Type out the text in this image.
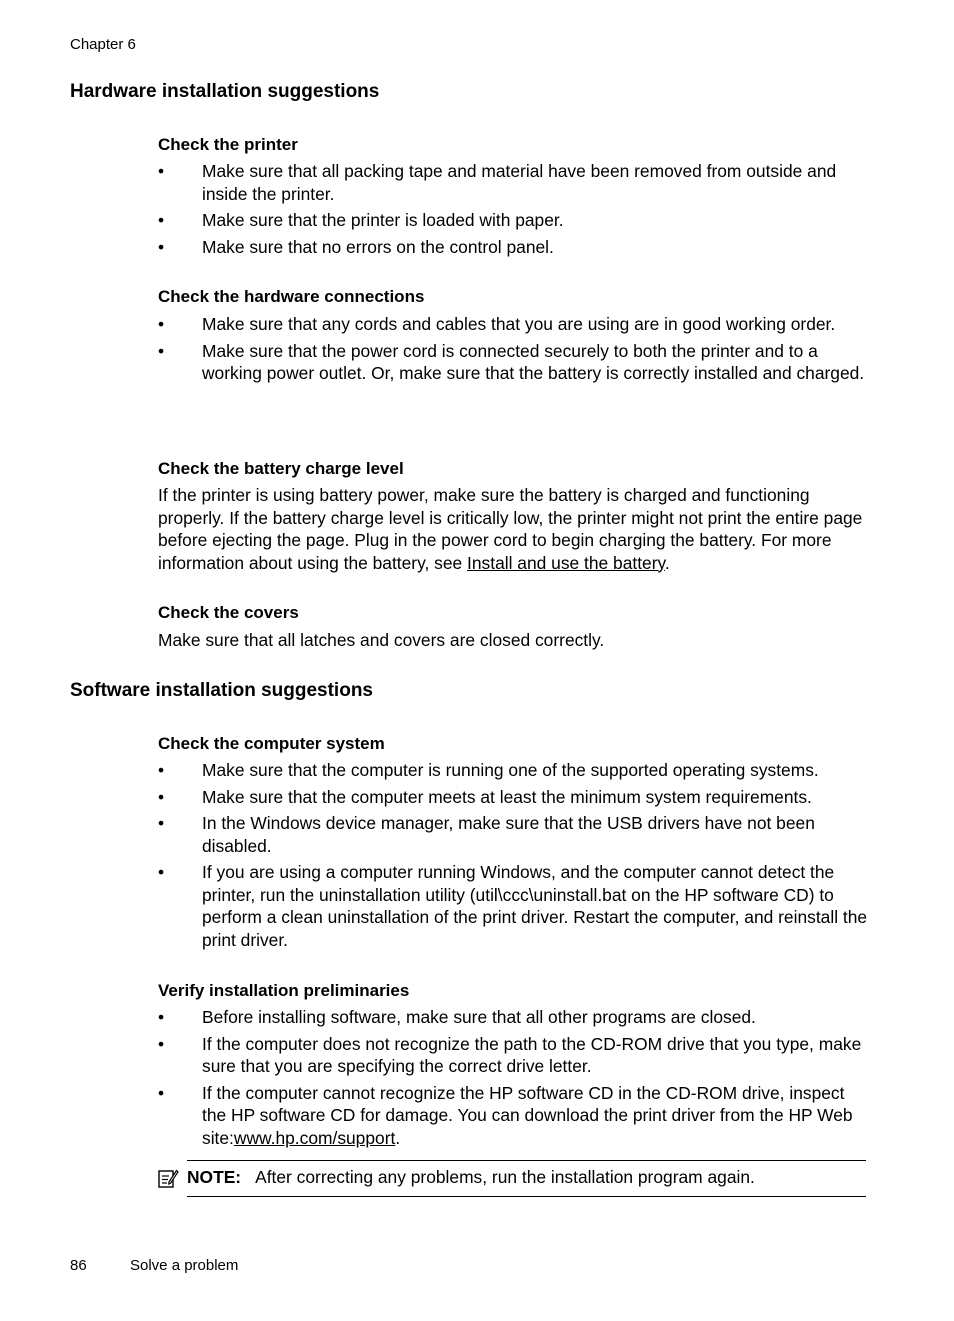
Chapter 6
Hardware installation suggestions
Check the printer
• Make sure that all packing tape and material have been removed from outside and inside the printer.
• Make sure that the printer is loaded with paper.
• Make sure that no errors on the control panel.
Check the hardware connections
• Make sure that any cords and cables that you are using are in good working order.
• Make sure that the power cord is connected securely to both the printer and to a working power outlet. Or, make sure that the battery is correctly installed and charged.
Check the battery charge level
If the printer is using battery power, make sure the battery is charged and functioning properly. If the battery charge level is critically low, the printer might not print the entire page before ejecting the page. Plug in the power cord to begin charging the battery. For more information about using the battery, see Install and use the battery.
Check the covers
Make sure that all latches and covers are closed correctly.
Software installation suggestions
Check the computer system
• Make sure that the computer is running one of the supported operating systems.
• Make sure that the computer meets at least the minimum system requirements.
• In the Windows device manager, make sure that the USB drivers have not been disabled.
• If you are using a computer running Windows, and the computer cannot detect the printer, run the uninstallation utility (util\ccc\uninstall.bat on the HP software CD) to perform a clean uninstallation of the print driver. Restart the computer, and reinstall the print driver.
Verify installation preliminaries
• Before installing software, make sure that all other programs are closed.
• If the computer does not recognize the path to the CD-ROM drive that you type, make sure that you are specifying the correct drive letter.
• If the computer cannot recognize the HP software CD in the CD-ROM drive, inspect the HP software CD for damage. You can download the print driver from the HP Web site:www.hp.com/support.
NOTE: After correcting any problems, run the installation program again.
86	Solve a problem
